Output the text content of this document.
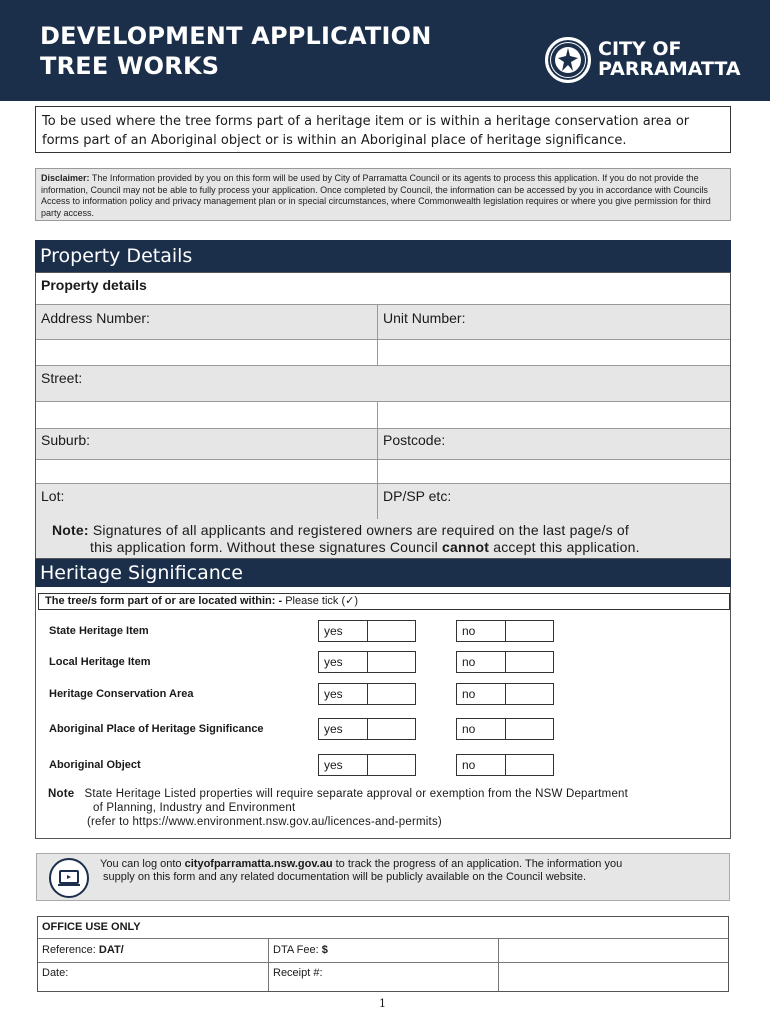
DEVELOPMENT APPLICATION
TREE WORKS
CITY OF
PARRAMATTA
To be used where the tree forms part of a heritage item or is within a heritage conservation area or forms part of an Aboriginal object or is within an Aboriginal place of heritage significance.
Disclaimer: The Information provided by you on this form will be used by City of Parramatta Council or its agents to process this application. If you do not provide the information, Council may not be able to fully process your application. Once completed by Council, the information can be accessed by you in accordance with Councils Access to information policy and privacy management plan or in special circumstances, where Commonwealth legislation requires or where you give permission for third party access.
Property Details
Property details
Address Number:	Unit Number:
Street:
Suburb:	Postcode:
Lot:	DP/SP etc:
Note: Signatures of all applicants and registered owners are required on the last page/s of
this application form. Without these signatures Council cannot accept this application.
Heritage Significance
The tree/s form part of or are located within: - Please tick (✓)
State Heritage Item	yes	no
Local Heritage Item	yes	no
Heritage Conservation Area	yes	no
Aboriginal Place of Heritage Significance	yes	no
Aboriginal Object	yes	no
Note State Heritage Listed properties will require separate approval or exemption from the NSW Department
of Planning, Industry and Environment
(refer to https://www.environment.nsw.gov.au/licences-and-permits)
You can log onto cityofparramatta.nsw.gov.au to track the progress of an application. The information you
supply on this form and any related documentation will be publicly available on the Council website.
OFFICE USE ONLY
Reference: DAT/	DTA Fee: $
Date:	Receipt #:
1
